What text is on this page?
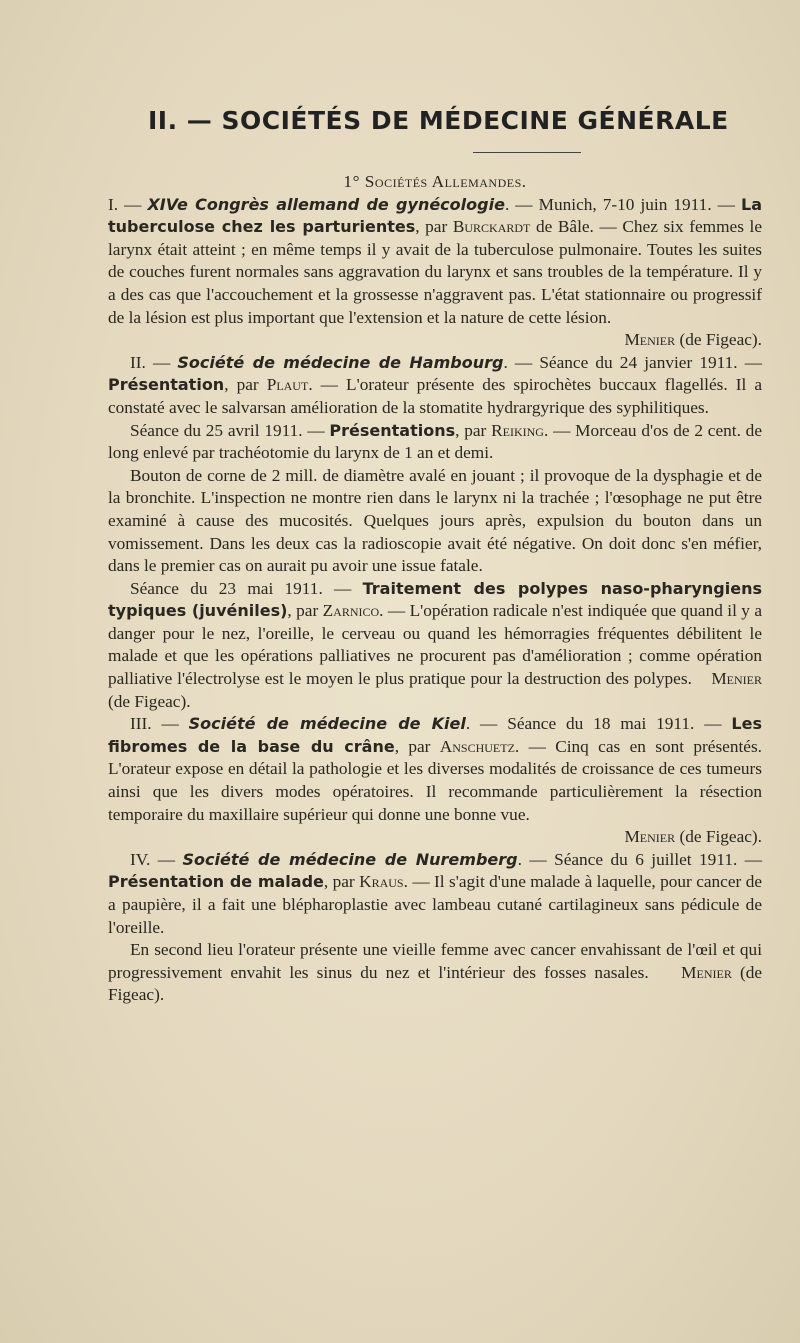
II. — SOCIÉTÉS DE MÉDECINE GÉNÉRALE

1° Sociétés Allemandes.

I. — XIVe Congrès allemand de gynécologie. — Munich, 7-10 juin 1911. — La tuberculose chez les parturientes, par Burckardt de Bâle. — Chez six femmes le larynx était atteint ; en même temps il y avait de la tuberculose pulmonaire. Toutes les suites de couches furent normales sans aggravation du larynx et sans troubles de la température. Il y a des cas que l'accouchement et la grossesse n'aggravent pas. L'état stationnaire ou progressif de la lésion est plus important que l'extension et la nature de cette lésion.

Menier (de Figeac).

II. — Société de médecine de Hambourg. — Séance du 24 janvier 1911. — Présentation, par Plaut. — L'orateur présente des spirochètes buccaux flagellés. Il a constaté avec le salvarsan amélioration de la stomatite hydrargyrique des syphilitiques.

Séance du 25 avril 1911. — Présentations, par Reiking. — Morceau d'os de 2 cent. de long enlevé par trachéotomie du larynx de 1 an et demi.

Bouton de corne de 2 mill. de diamètre avalé en jouant ; il provoque de la dysphagie et de la bronchite. L'inspection ne montre rien dans le larynx ni la trachée ; l'œsophage ne put être examiné à cause des mucosités. Quelques jours après, expulsion du bouton dans un vomissement. Dans les deux cas la radioscopie avait été négative. On doit donc s'en méfier, dans le premier cas on aurait pu avoir une issue fatale.

Séance du 23 mai 1911. — Traitement des polypes naso-pharyngiens typiques (juvéniles), par Zarnico. — L'opération radicale n'est indiquée que quand il y a danger pour le nez, l'oreille, le cerveau ou quand les hémorragies fréquentes débilitent le malade et que les opérations palliatives ne procurent pas d'amélioration ; comme opération palliative l'électrolyse est le moyen le plus pratique pour la destruction des polypes. Menier (de Figeac).

III. — Société de médecine de Kiel. — Séance du 18 mai 1911. — Les fibromes de la base du crâne, par Anschuetz. — Cinq cas en sont présentés. L'orateur expose en détail la pathologie et les diverses modalités de croissance de ces tumeurs ainsi que les divers modes opératoires. Il recommande particulièrement la résection temporaire du maxillaire supérieur qui donne une bonne vue.

Menier (de Figeac).

IV. — Société de médecine de Nuremberg. — Séance du 6 juillet 1911. — Présentation de malade, par Kraus. — Il s'agit d'une malade à laquelle, pour cancer de a paupière, il a fait une blépharoplastie avec lambeau cutané cartilagineux sans pédicule de l'oreille.

En second lieu l'orateur présente une vieille femme avec cancer envahissant de l'œil et qui progressivement envahit les sinus du nez et l'intérieur des fosses nasales. Menier (de Figeac).
